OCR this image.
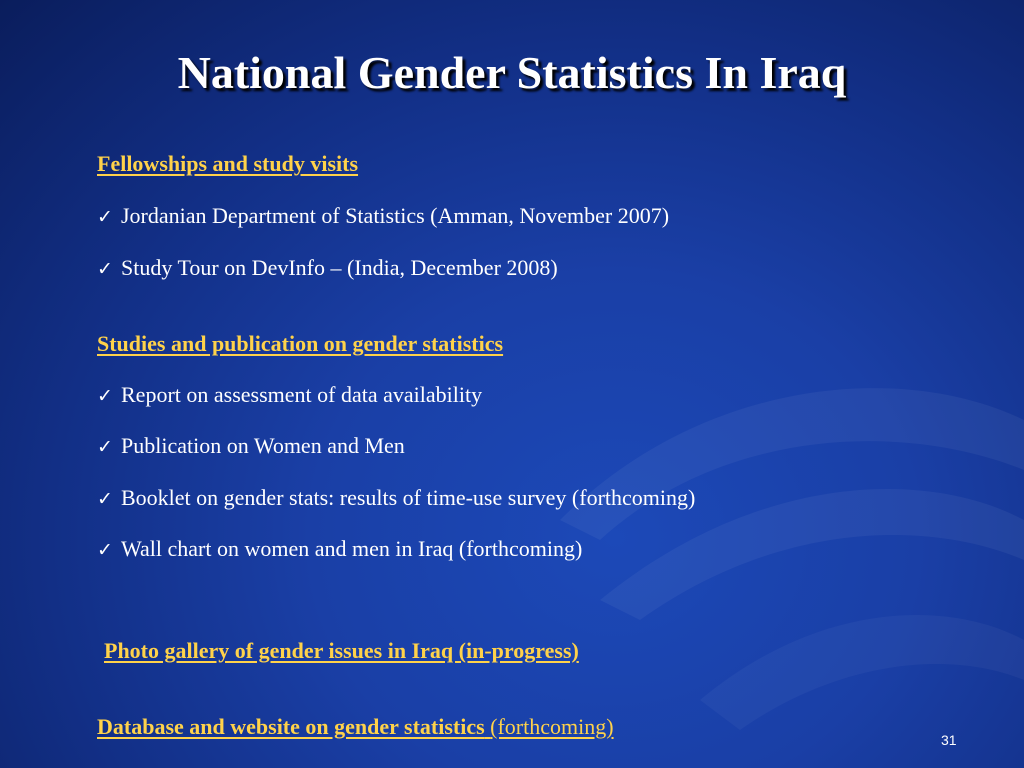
National Gender Statistics In Iraq
Fellowships and study visits
✓ Jordanian Department of Statistics (Amman, November 2007)
✓ Study Tour on DevInfo – (India, December 2008)
Studies and publication on gender statistics
✓ Report on assessment of data availability
✓ Publication on Women and Men
✓ Booklet on gender stats: results of time-use survey (forthcoming)
✓ Wall chart on women and men in Iraq (forthcoming)
Photo gallery of gender issues in Iraq (in-progress)
Database and website on gender statistics (forthcoming)
31
